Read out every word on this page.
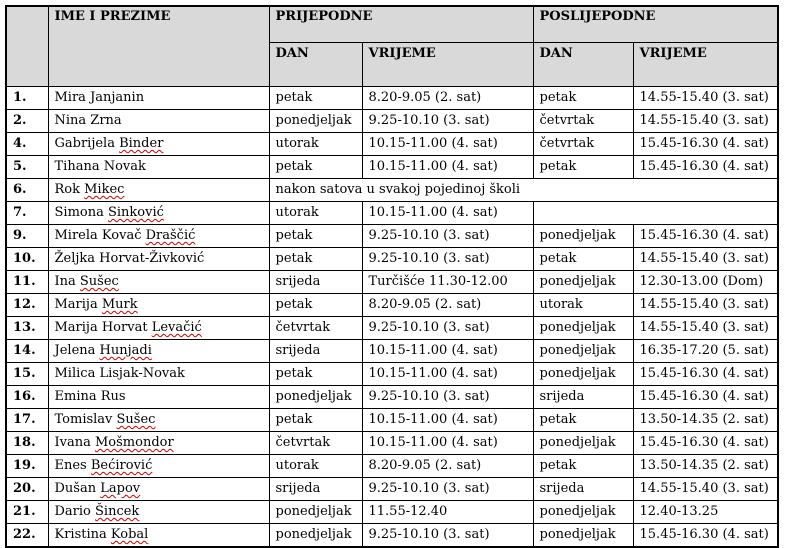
	IME I PREZIME	PRIJEPODNE		POSLIJEPODNE	
		DAN	VRIJEME	DAN	VRIJEME
1.	Mira Janjanin	petak	8.20-9.05 (2. sat)	petak	14.55-15.40 (3. sat)
2.	Nina Zrna	ponedjeljak	9.25-10.10 (3. sat)	četvrtak	14.55-15.40 (3. sat)
4.	Gabrijela Binder	utorak	10.15-11.00 (4. sat)	četvrtak	15.45-16.30 (4. sat)
5.	Tihana Novak	petak	10.15-11.00 (4. sat)	petak	15.45-16.30 (4. sat)
6.	Rok Mikec	nakon satova u svakoj pojedinoj školi			
7.	Simona Sinković	utorak	10.15-11.00 (4. sat)		
9.	Mirela Kovač Draščić	petak	9.25-10.10 (3. sat)	ponedjeljak	15.45-16.30 (4. sat)
10.	Željka Horvat-Živković	petak	9.25-10.10 (3. sat)	petak	14.55-15.40 (3. sat)
11.	Ina Sušec	srijeda	Turčišće 11.30-12.00	ponedjeljak	12.30-13.00 (Dom)
12.	Marija Murk	petak	8.20-9.05 (2. sat)	utorak	14.55-15.40 (3. sat)
13.	Marija Horvat Levačić	četvrtak	9.25-10.10 (3. sat)	ponedjeljak	14.55-15.40 (3. sat)
14.	Jelena Hunjadi	srijeda	10.15-11.00 (4. sat)	ponedjeljak	16.35-17.20 (5. sat)
15.	Milica Lisjak-Novak	petak	10.15-11.00 (4. sat)	ponedjeljak	15.45-16.30 (4. sat)
16.	Emina Rus	ponedjeljak	9.25-10.10 (3. sat)	srijeda	15.45-16.30 (4. sat)
17.	Tomislav Sušec	petak	10.15-11.00 (4. sat)	petak	13.50-14.35 (2. sat)
18.	Ivana Mošmondor	četvrtak	10.15-11.00 (4. sat)	ponedjeljak	15.45-16.30 (4. sat)
19.	Enes Bećirović	utorak	8.20-9.05 (2. sat)	petak	13.50-14.35 (2. sat)
20.	Dušan Lapov	srijeda	9.25-10.10 (3. sat)	srijeda	14.55-15.40 (3. sat)
21.	Dario Šincek	ponedjeljak	11.55-12.40	ponedjeljak	12.40-13.25
22.	Kristina Kobal	ponedjeljak	9.25-10.10 (3. sat)	ponedjeljak	15.45-16.30 (4. sat)
